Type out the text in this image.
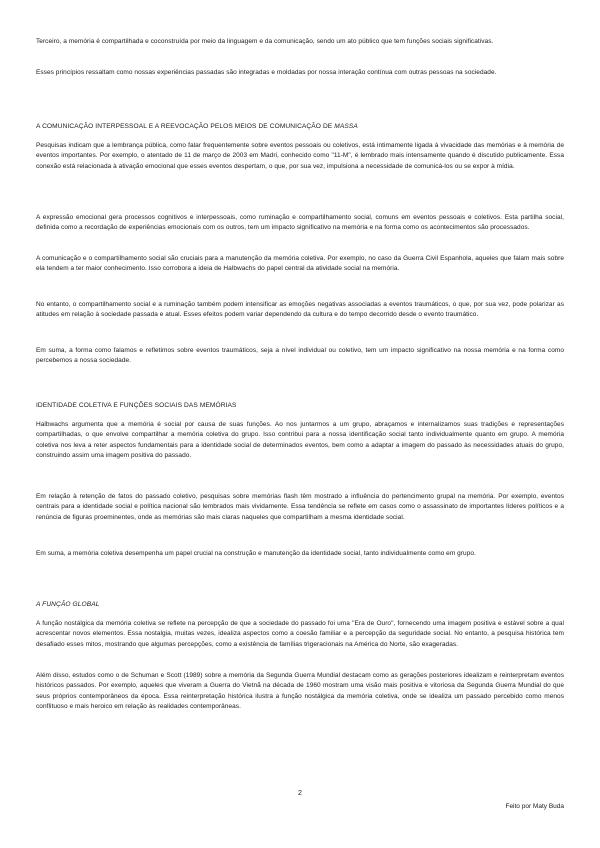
Terceiro, a memória é compartilhada e coconstruída por meio da linguagem e da comunicação, sendo um ato público que tem funções sociais significativas.

Esses princípios ressaltam como nossas experiências passadas são integradas e moldadas por nossa interação contínua com outras pessoas na sociedade.

A COMUNICAÇÃO INTERPESSOAL E A REEVOCAÇÃO PELOS MEIOS DE COMUNICAÇÃO DE MASSA

Pesquisas indicam que a lembrança pública, como falar frequentemente sobre eventos pessoais ou coletivos, está intimamente ligada à vivacidade das memórias e à memória de eventos importantes. Por exemplo, o atentado de 11 de março de 2003 em Madri, conhecido como "11-M", é lembrado mais intensamente quando é discutido publicamente. Essa conexão está relacionada à ativação emocional que esses eventos despertam, o que, por sua vez, impulsiona a necessidade de comunicá-los ou se expor à mídia.

A expressão emocional gera processos cognitivos e interpessoais, como ruminação e compartilhamento social, comuns em eventos pessoais e coletivos. Esta partilha social, definida como a recordação de experiências emocionais com os outros, tem um impacto significativo na memória e na forma como os acontecimentos são processados.

A comunicação e o compartilhamento social são cruciais para a manutenção da memória coletiva. Por exemplo, no caso da Guerra Civil Espanhola, aqueles que falam mais sobre ela tendem a ter maior conhecimento. Isso corrobora a ideia de Halbwachs do papel central da atividade social na memória.

No entanto, o compartilhamento social e a ruminação também podem intensificar as emoções negativas associadas a eventos traumáticos, o que, por sua vez, pode polarizar as atitudes em relação à sociedade passada e atual. Esses efeitos podem variar dependendo da cultura e do tempo decorrido desde o evento traumático.

Em suma, a forma como falamos e refletimos sobre eventos traumáticos, seja a nível individual ou coletivo, tem um impacto significativo na nossa memória e na forma como percebemos a nossa sociedade.

IDENTIDADE COLETIVA E FUNÇÕES SOCIAIS DAS MEMÓRIAS

Halbwachs argumenta que a memória é social por causa de suas funções. Ao nos juntarmos a um grupo, abraçamos e internalizamos suas tradições e representações compartilhadas, o que envolve compartilhar a memória coletiva do grupo. Isso contribui para a nossa identificação social tanto individualmente quanto em grupo. A memória coletiva nos leva a reter aspectos fundamentais para a identidade social de determinados eventos, bem como a adaptar a imagem do passado às necessidades atuais do grupo, construindo assim uma imagem positiva do passado.

Em relação à retenção de fatos do passado coletivo, pesquisas sobre memórias flash têm mostrado a influência do pertencimento grupal na memória. Por exemplo, eventos centrais para a identidade social e política nacional são lembrados mais vividamente. Essa tendência se reflete em casos como o assassinato de importantes líderes políticos e a renúncia de figuras proeminentes, onde as memórias são mais claras naqueles que compartilham a mesma identidade social.

Em suma, a memória coletiva desempenha um papel crucial na construção e manutenção da identidade social, tanto individualmente como em grupo.

A FUNÇÃO GLOBAL

A função nostálgica da memória coletiva se reflete na percepção de que a sociedade do passado foi uma "Era de Ouro", fornecendo uma imagem positiva e estável sobre a qual acrescentar novos elementos. Essa nostalgia, muitas vezes, idealiza aspectos como a coesão familiar e a percepção da seguridade social. No entanto, a pesquisa histórica tem desafiado esses mitos, mostrando que algumas percepções, como a existência de famílias trigeracionais na América do Norte, são exageradas.

Além disso, estudos como o de Schuman e Scott (1989) sobre a memória da Segunda Guerra Mundial destacam como as gerações posteriores idealizam e reinterpretam eventos históricos passados. Por exemplo, aqueles que viveram a Guerra do Vietnã na década de 1960 mostram uma visão mais positiva e vitoriosa da Segunda Guerra Mundial do que seus próprios contemporâneos da época. Essa reinterpretação histórica ilustra a função nostálgica da memória coletiva, onde se idealiza um passado percebido como menos conflituoso e mais heroico em relação às realidades contemporâneas.

2
Feito por Maty Buda
